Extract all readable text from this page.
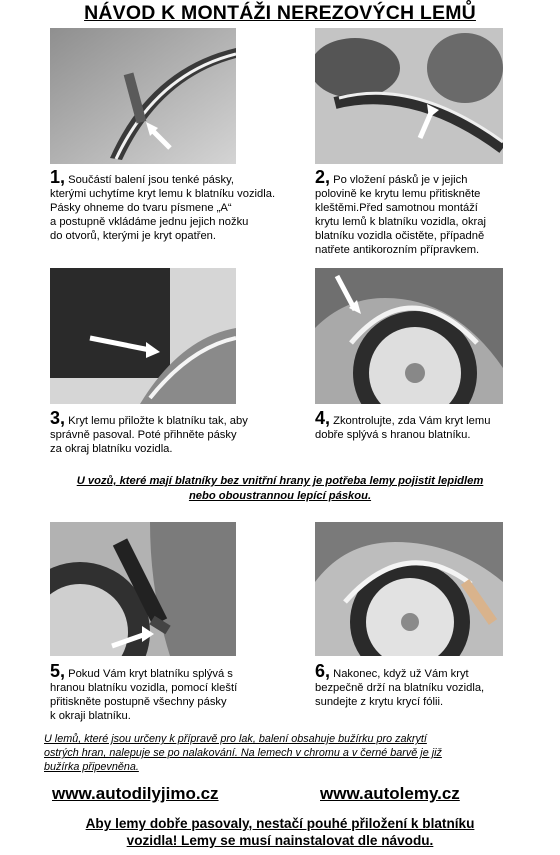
NÁVOD K MONTÁŽI NEREZOVÝCH LEMŮ
1, Součástí balení jsou tenké pásky,
kterými uchytíme kryt lemu k blatníku vozidla.
Pásky ohneme do tvaru písmene „A“
a postupně vkládáme jednu jejich nožku
do otvorů, kterými je kryt opatřen.
2, Po vložení pásků je v jejich
polovině ke krytu lemu přitiskněte
kleštěmi.Před samotnou montáží
krytu lemů k blatníku vozidla, okraj
blatníku vozidla očistěte, případně
natřete antikorozním přípravkem.
3, Kryt lemu přiložte k blatníku tak, aby
správně pasoval. Poté přihněte pásky
za okraj blatníku vozidla.
4, Zkontrolujte, zda Vám kryt lemu
dobře splývá s hranou blatníku.
U vozů, které mají blatníky bez vnitřní hrany je potřeba lemy pojistit lepidlem
nebo oboustrannou lepící páskou.
5, Pokud Vám kryt blatníku splývá s
hranou blatníku vozidla, pomocí kleští
přitiskněte postupně všechny pásky
k okraji blatníku.
6, Nakonec, když už Vám kryt
bezpečně drží na blatníku vozidla,
sundejte z krytu krycí fólii.
U lemů, které jsou určeny k přípravě pro lak, balení obsahuje bužírku pro zakrytí
ostrých hran, nalepuje se po nalakování. Na lemech v chromu a v černé barvě je již
bužírka připevněna.
www.autodilyjimo.cz	www.autolemy.cz
Aby lemy dobře pasovaly, nestačí pouhé přiložení k blatníku
vozidla! Lemy se musí nainstalovat dle návodu.
